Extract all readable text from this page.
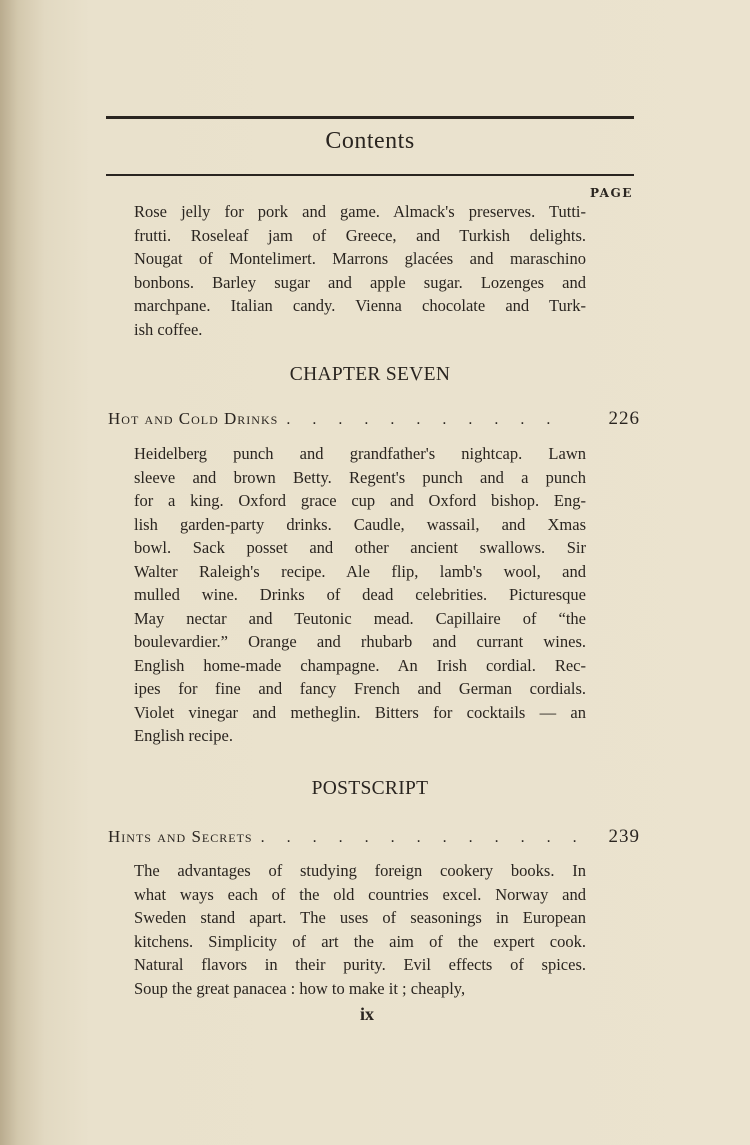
Contents
PAGE
Rose jelly for pork and game. Almack's preserves. Tutti-
frutti. Roseleaf jam of Greece, and Turkish delights.
Nougat of Montelimert. Marrons glacées and maraschino
bonbons. Barley sugar and apple sugar. Lozenges and
marchpane. Italian candy. Vienna chocolate and Turk-
ish coffee.
CHAPTER SEVEN
Hot and Cold Drinks . . . . . . . . . . .	226
Heidelberg punch and grandfather's nightcap. Lawn
sleeve and brown Betty. Regent's punch and a punch
for a king. Oxford grace cup and Oxford bishop. Eng-
lish garden-party drinks. Caudle, wassail, and Xmas
bowl. Sack posset and other ancient swallows. Sir
Walter Raleigh's recipe. Ale flip, lamb's wool, and
mulled wine. Drinks of dead celebrities. Picturesque
May nectar and Teutonic mead. Capillaire of “the
boulevardier.” Orange and rhubarb and currant wines.
English home-made champagne. An Irish cordial. Rec-
ipes for fine and fancy French and German cordials.
Violet vinegar and metheglin. Bitters for cocktails — an
English recipe.
POSTSCRIPT
Hints and Secrets . . . . . . . . . . . . .	239
The advantages of studying foreign cookery books. In
what ways each of the old countries excel. Norway and
Sweden stand apart. The uses of seasonings in European
kitchens. Simplicity of art the aim of the expert cook.
Natural flavors in their purity. Evil effects of spices.
Soup the great panacea : how to make it ; cheaply,
ix
